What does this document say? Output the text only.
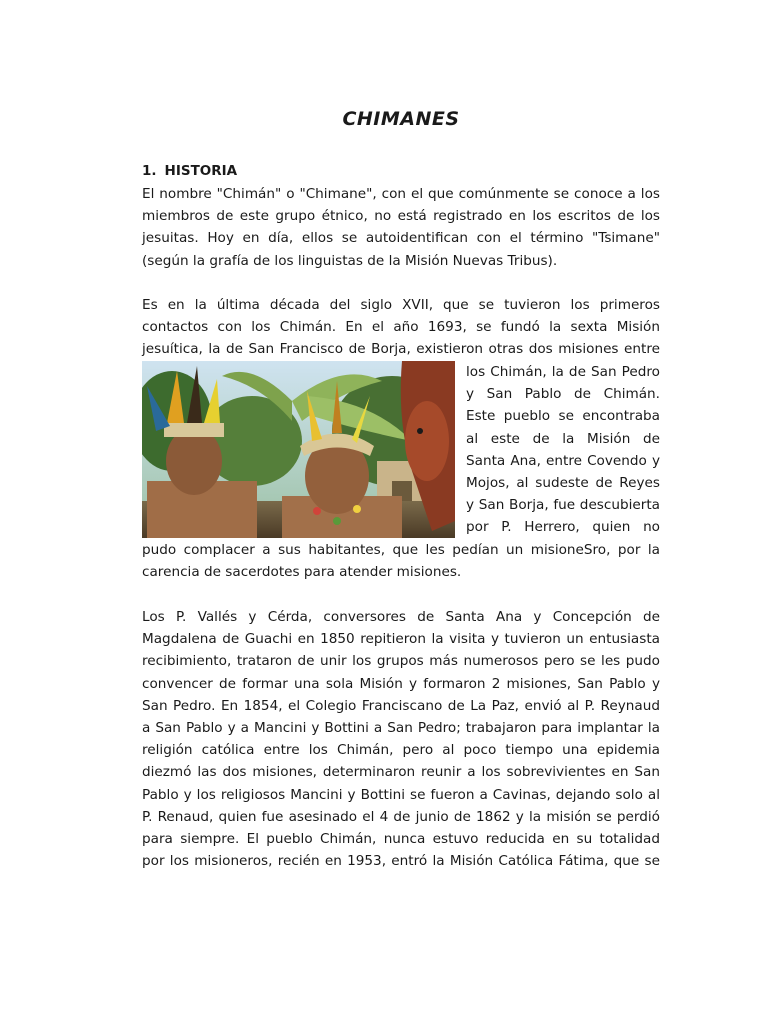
CHIMANES
1. HISTORIA
El nombre "Chimán" o "Chimane", con el que comúnmente se conoce a los
miembros de este grupo étnico, no está registrado en los escritos de los
jesuitas. Hoy en día, ellos se autoidentifican con el término "Tsimane"
(según la grafía de los linguistas de la Misión Nuevas Tribus).
Es en la última década del siglo XVII, que se tuvieron los primeros
contactos con los Chimán. En el año 1693, se fundó la sexta Misión
jesuítica, la de San Francisco de Borja, existieron otras dos misiones entre
los Chimán, la de San Pedro
y San Pablo de Chimán.
Este pueblo se encontraba
al este de la Misión de
Santa Ana, entre Covendo y
Mojos, al sudeste de Reyes
y San Borja, fue descubierta
por P. Herrero, quien no
pudo complacer a sus habitantes, que les pedían un misioneSro, por la
carencia de sacerdotes para atender misiones.
Los P. Vallés y Cérda, conversores de Santa Ana y Concepción de
Magdalena de Guachi en 1850 repitieron la visita y tuvieron un entusiasta
recibimiento, trataron de unir los grupos más numerosos pero se les pudo
convencer de formar una sola Misión y formaron 2 misiones, San Pablo y
San Pedro. En 1854, el Colegio Franciscano de La Paz, envió al P. Reynaud
a San Pablo y a Mancini y Bottini a San Pedro; trabajaron para implantar la
religión católica entre los Chimán, pero al poco tiempo una epidemia
diezmó las dos misiones, determinaron reunir a los sobrevivientes en San
Pablo y los religiosos Mancini y Bottini se fueron a Cavinas, dejando solo al
P. Renaud, quien fue asesinado el 4 de junio de 1862 y la misión se perdió
para siempre. El pueblo Chimán, nunca estuvo reducida en su totalidad
por los misioneros, recién en 1953, entró la Misión Católica Fátima, que se
